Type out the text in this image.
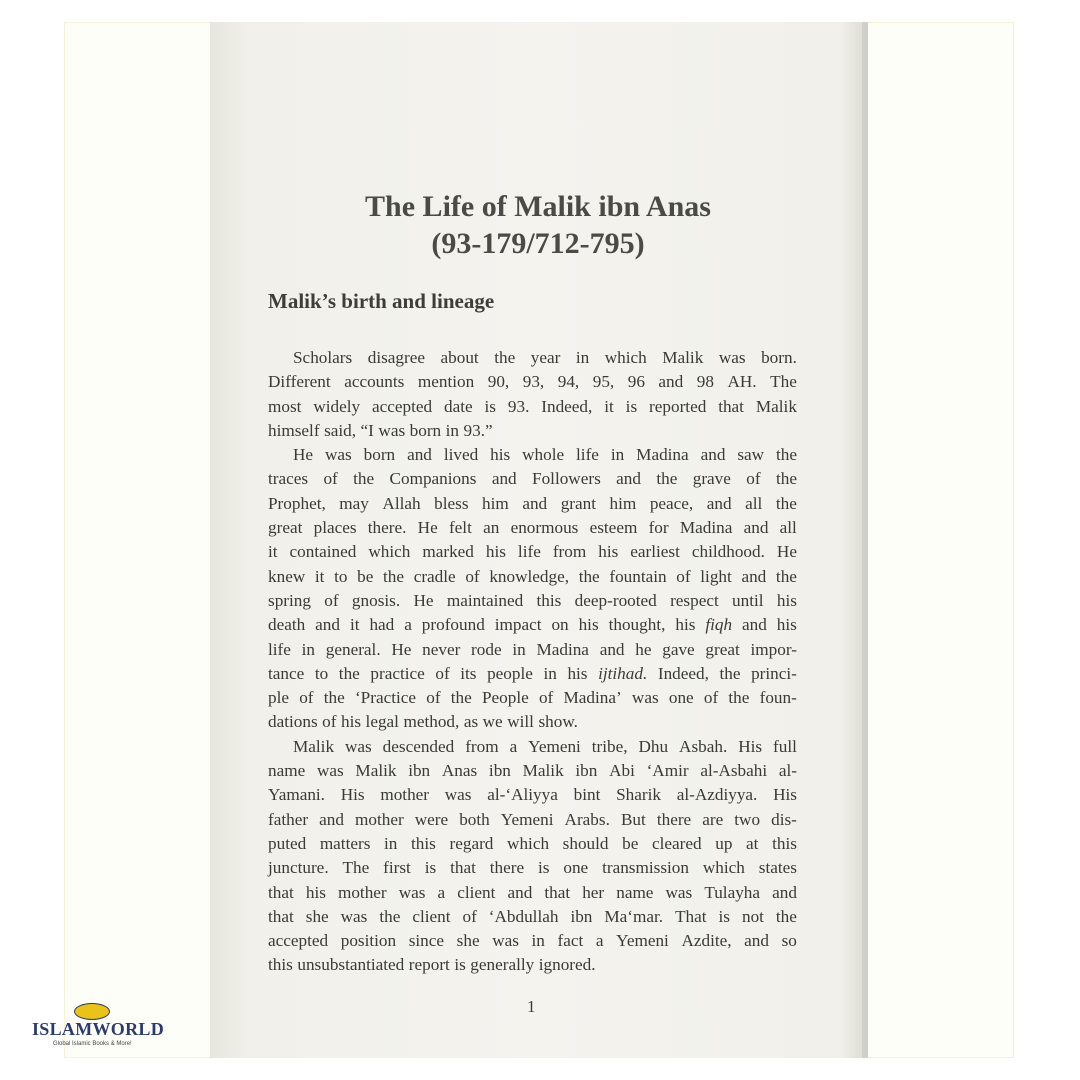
The Life of Malik ibn Anas
(93-179/712-795)
Malik’s birth and lineage
Scholars disagree about the year in which Malik was born.
Different accounts mention 90, 93, 94, 95, 96 and 98 AH. The
most widely accepted date is 93. Indeed, it is reported that Malik
himself said, “I was born in 93.”
He was born and lived his whole life in Madina and saw the
traces of the Companions and Followers and the grave of the
Prophet, may Allah bless him and grant him peace, and all the
great places there. He felt an enormous esteem for Madina and all
it contained which marked his life from his earliest childhood. He
knew it to be the cradle of knowledge, the fountain of light and the
spring of gnosis. He maintained this deep-rooted respect until his
death and it had a profound impact on his thought, his fiqh and his
life in general. He never rode in Madina and he gave great impor-
tance to the practice of its people in his ijtihad. Indeed, the princi-
ple of the ‘Practice of the People of Madina’ was one of the foun-
dations of his legal method, as we will show.
Malik was descended from a Yemeni tribe, Dhu Asbah. His full
name was Malik ibn Anas ibn Malik ibn Abi ‘Amir al-Asbahi al-
Yamani. His mother was al-‘Aliyya bint Sharik al-Azdiyya. His
father and mother were both Yemeni Arabs. But there are two dis-
puted matters in this regard which should be cleared up at this
juncture. The first is that there is one transmission which states
that his mother was a client and that her name was Tulayha and
that she was the client of ‘Abdullah ibn Ma‘mar. That is not the
accepted position since she was in fact a Yemeni Azdite, and so
this unsubstantiated report is generally ignored.
1
ISLAMWORLD
Global Islamic Books & More!
